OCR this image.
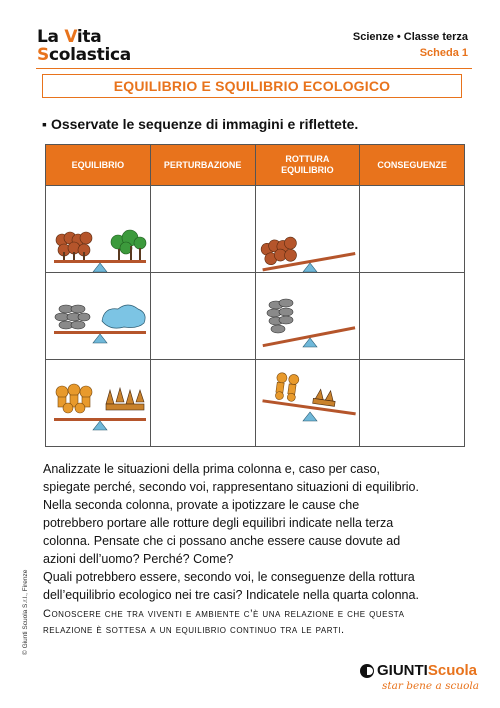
La Vita
Scolastica
Scienze • Classe terza
Scheda 1
EQUILIBRIO E SQUILIBRIO ECOLOGICO
▪ Osservate le sequenze di immagini e riflettete.
EQUILIBRIO	PERTURBAZIONE	ROTTURA EQUILIBRIO	CONSEGUENZE

Analizzate le situazioni della prima colonna e, caso per caso,

spiegate perché, secondo voi, rappresentano situazioni di equilibrio.

Nella seconda colonna, provate a ipotizzare le cause che

potrebbero portare alle rotture degli equilibri indicate nella terza

colonna. Pensate che ci possano anche essere cause dovute ad

azioni dell’uomo? Perché? Come?

Quali potrebbero essere, secondo voi, le conseguenze della rottura

dell’equilibrio ecologico nei tre casi? Indicatele nella quarta colonna.

Conoscere che tra viventi e ambiente c’è una relazione e che questa

relazione è sottesa a un equilibrio continuo tra le parti.

© Giunti Scuola S.r.l., Firenze
GIUNTI Scuola
star bene a scuola
